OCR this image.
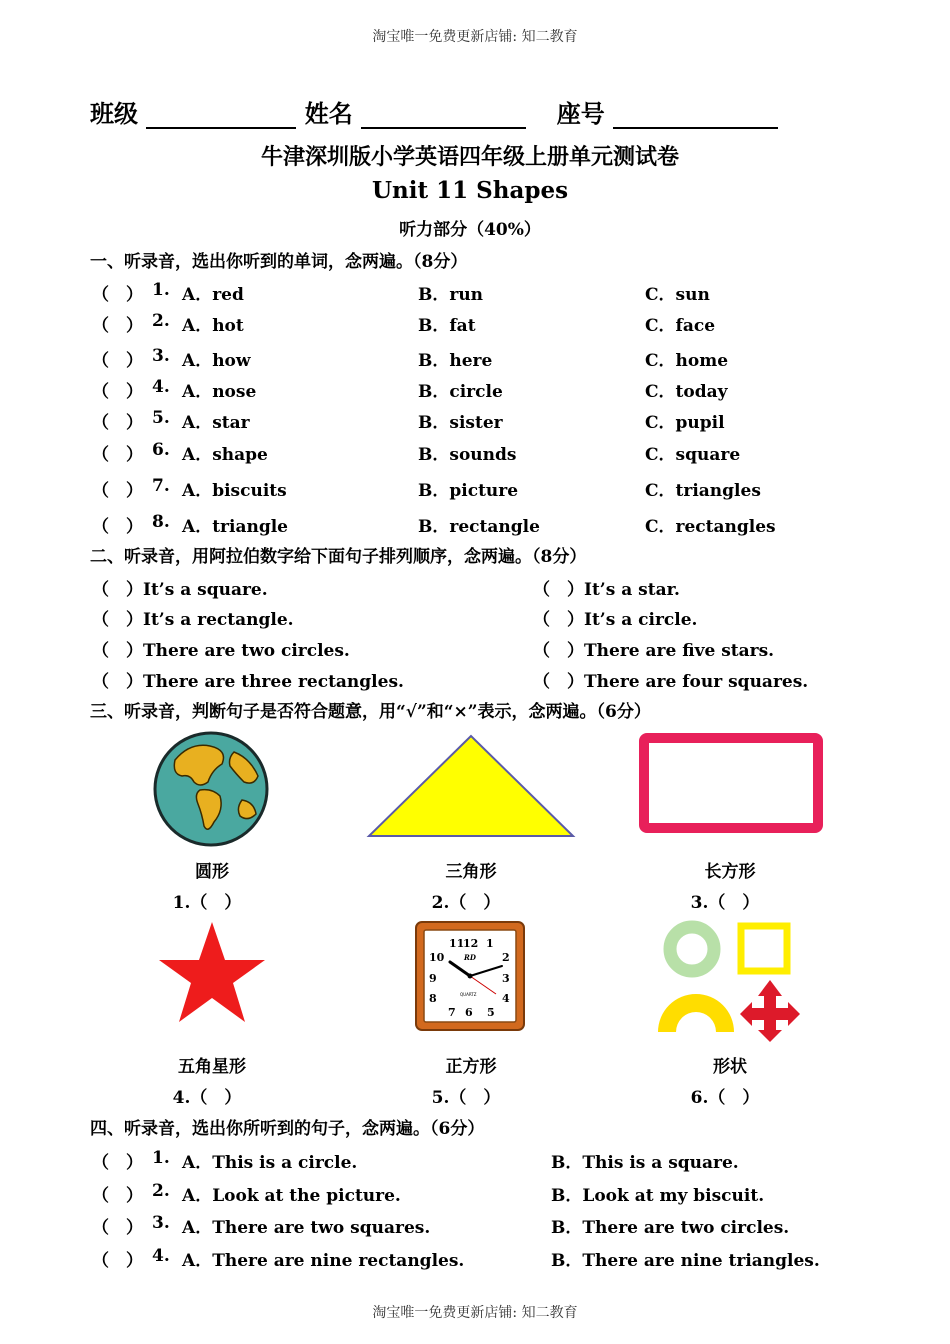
淘宝唯一免费更新店铺: 知二教育
班级	姓名	座号
牛津深圳版小学英语四年级上册单元测试卷
Unit 11 Shapes
听力部分（40%）
一、听录音，选出你听到的单词，念两遍。（8分）
（　） 1. A．red	B．run	C．sun
（　） 2. A．hot	B．fat	C．face
（　） 3. A．how	B．here	C．home
（　） 4. A．nose	B．circle	C．today
（　） 5. A．star	B．sister	C．pupil
（　） 6. A．shape	B．sounds	C．square
（　） 7. A．biscuits	B．picture	C．triangles
（　） 8. A．triangle	B．rectangle	C．rectangles
二、听录音，用阿拉伯数字给下面句子排列顺序，念两遍。（8分）
（　）It’s a square.	（　）It’s a star.
（　）It’s a rectangle.	（　）It’s a circle.
（　）There are two circles.	（　）There are five stars.
（　）There are three rectangles.	（　）There are four squares.
三、听录音，判断句子是否符合题意，用“√”和“×”表示，念两遍。（6分）
圆形	三角形	长方形
1.（　）	2.（　）	3.（　）
11
12 1
2
3
4
5
6
7
8
9
10	RD
QUARTZ
五角星形	正方形	形状
4.（　）	5.（　）	6.（　）
四、听录音，选出你所听到的句子，念两遍。（6分）
（　） 1. A．This is a circle.	B．This is a square.
（　） 2. A．Look at the picture.	B．Look at my biscuit.
（　） 3. A．There are two squares.	B．There are two circles.
（　） 4. A．There are nine rectangles.	B．There are nine triangles.
淘宝唯一免费更新店铺: 知二教育
